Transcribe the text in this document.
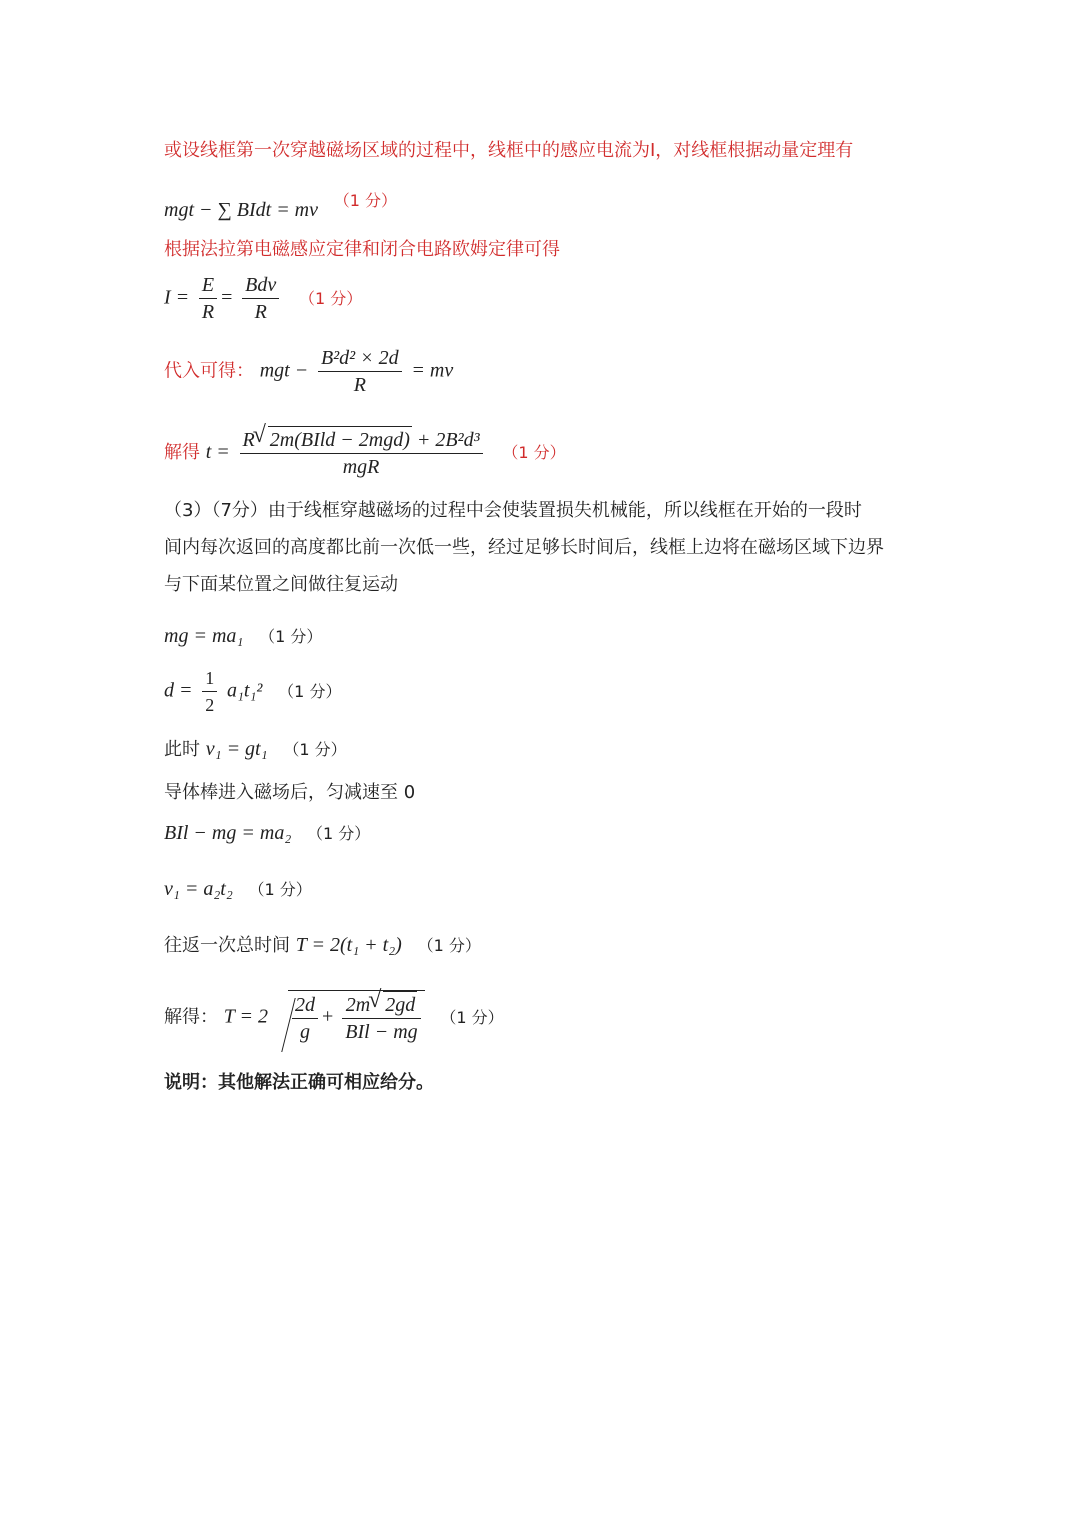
或设线框第一次穿越磁场区域的过程中，线框中的感应电流为I，对线框根据动量定理有
mgt − ∑ BIdt = mv （1 分）
根据法拉第电磁感应定律和闭合电路欧姆定律可得
$I = \frac{E}{R} = \frac{\text{Bdv}}{R} (1$ 分）
代入可得： mgt − $\frac{\text{B²d² × 2d}}{R}$ = mv
解得 $t = \frac{\text{R √ 2m(BIld − 2mgd) + 2B²d³}}{\text{mgR}} (1$ 分）
（3）（7分）由于线框穿越磁场的过程中会使装置损失机械能，所以线框在开始的一段时
间内每次返回的高度都比前一次低一些，经过足够长时间后，线框上边将在磁场区域下边界
与下面某位置之间做往复运动
mg = ma₁ （1 分）
$d = \frac{1}{2} a_1t_1^2$ （1 分）
此时 v₁ = gt₁ （1 分）
导体棒进入磁场后，匀减速至 0
BIl − mg = ma₂ （1 分）
v₁ = a₂t₂ （1 分）
往返一次总时间 T = 2(t₁ + t₂) （1 分）
解得： $T = 2 \frac{2d}{g} + \frac{2m √ 2gd}{\text{BIl − mg}} (1$ 分）
说明：其他解法正确可相应给分。
